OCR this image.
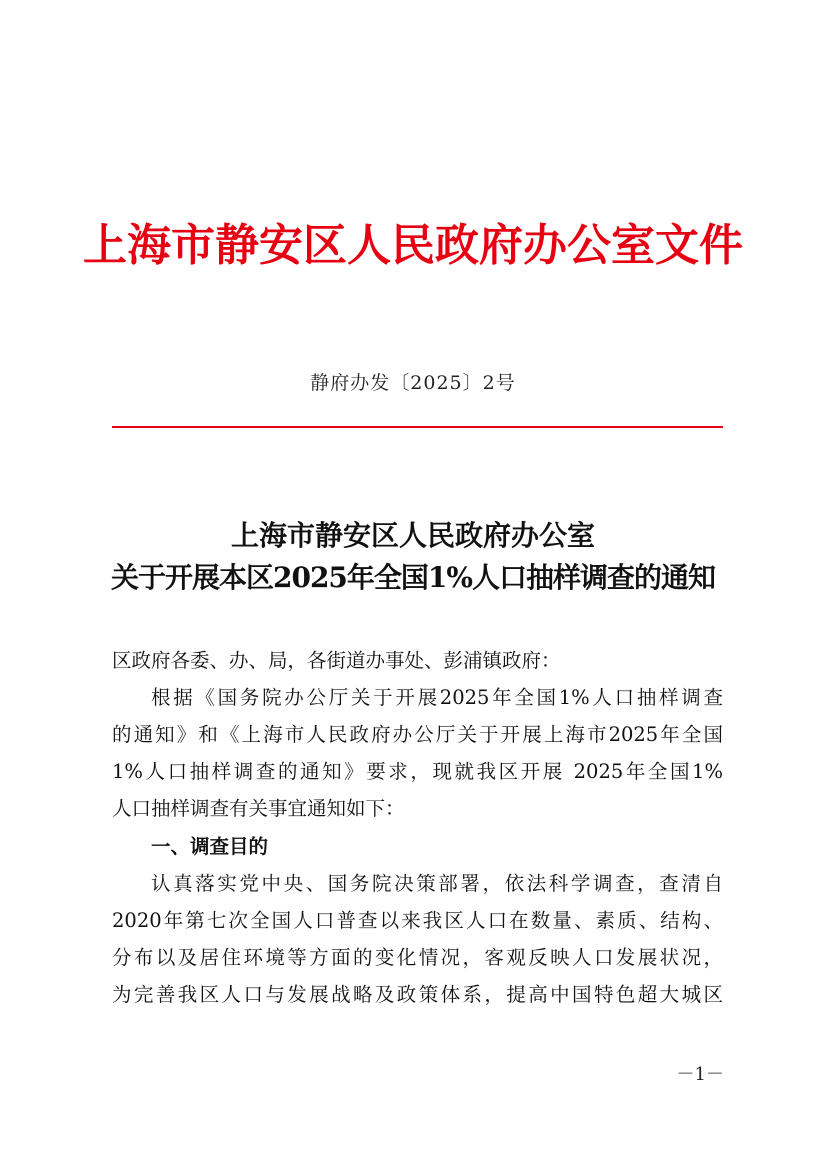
上海市静安区人民政府办公室文件
静府办发〔2025〕2号
上海市静安区人民政府办公室
关于开展本区2025年全国1%人口抽样调查的通知
区政府各委、办、局，各街道办事处、彭浦镇政府：
根据《国务院办公厅关于开展2025年全国1%人口抽样调查
的通知》和《上海市人民政府办公厅关于开展上海市2025年全国
1%人口抽样调查的通知》要求，现就我区开展 2025年全国1%
人口抽样调查有关事宜通知如下：
一、调查目的
认真落实党中央、国务院决策部署，依法科学调查，查清自
2020年第七次全国人口普查以来我区人口在数量、素质、结构、
分布以及居住环境等方面的变化情况，客观反映人口发展状况，
为完善我区人口与发展战略及政策体系，提高中国特色超大城区
－1－
